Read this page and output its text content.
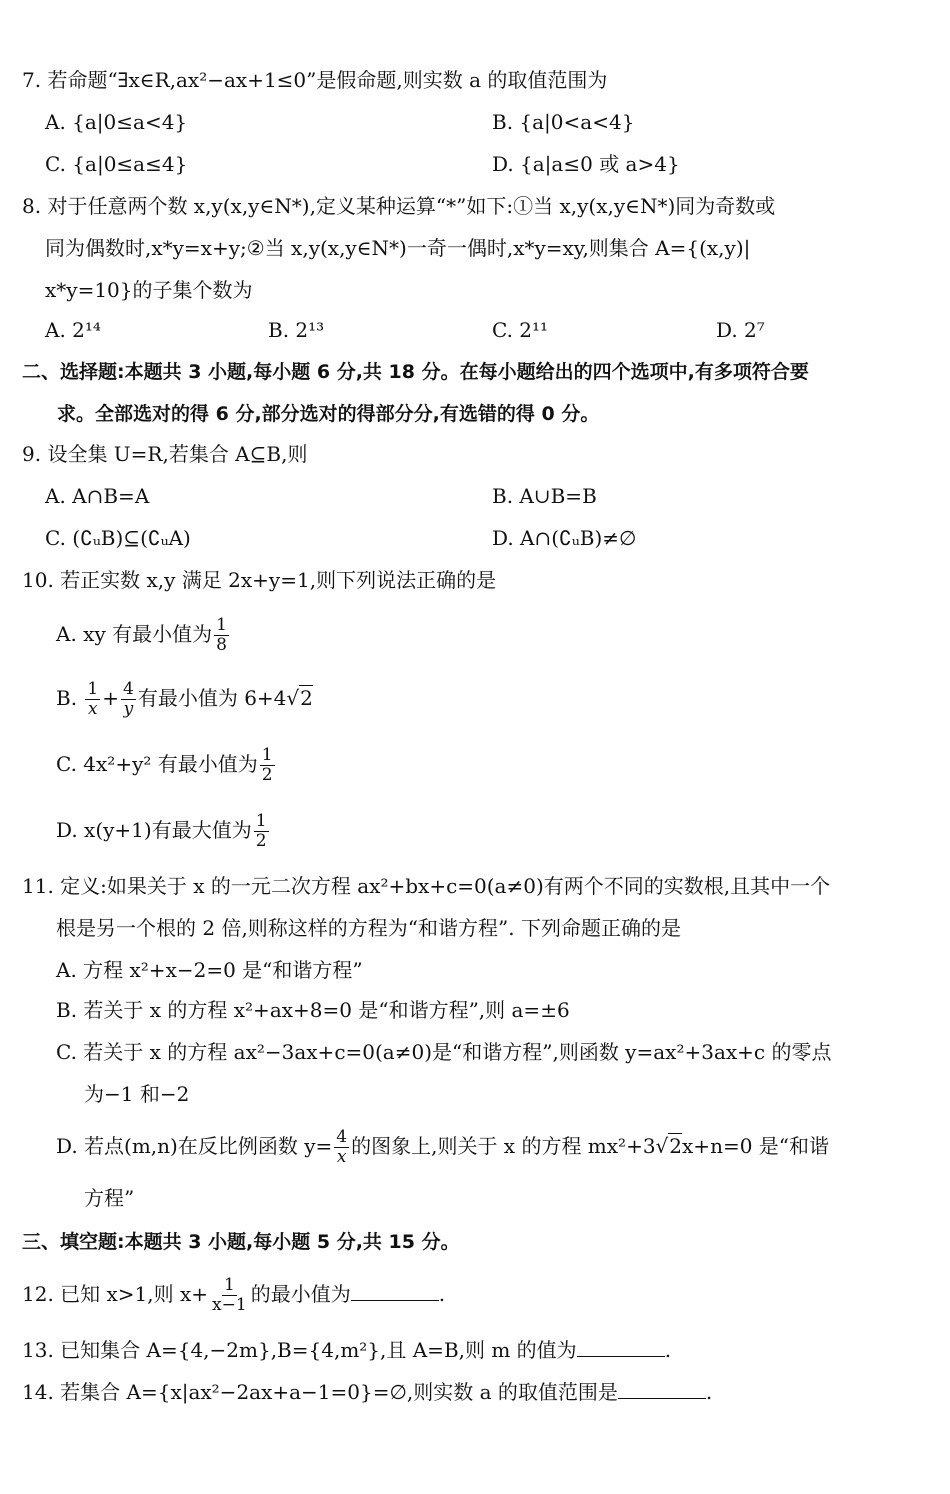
7. 若命题“∃x∈R,ax²−ax+1≤0”是假命题,则实数 a 的取值范围为
A. {a|0≤a<4}	B. {a|0<a<4}
C. {a|0≤a≤4}	D. {a|a≤0 或 a>4}
8. 对于任意两个数 x,y(x,y∈N*),定义某种运算“*”如下:①当 x,y(x,y∈N*)同为奇数或
同为偶数时,x*y=x+y;②当 x,y(x,y∈N*)一奇一偶时,x*y=xy,则集合 A={(x,y)|
x*y=10}的子集个数为
A. 2¹⁴	B. 2¹³	C. 2¹¹	D. 2⁷
二、选择题:本题共 3 小题,每小题 6 分,共 18 分。在每小题给出的四个选项中,有多项符合要
求。全部选对的得 6 分,部分选对的得部分分,有选错的得 0 分。
9. 设全集 U=R,若集合 A⊆B,则
A. A∩B=A	B. A∪B=B
C. (∁ᵤB)⊆(∁ᵤA)	D. A∩(∁ᵤB)≠∅
10. 若正实数 x,y 满足 2x+y=1,则下列说法正确的是
A. xy 有最小值为 $\frac{1}{8}$
B. $\frac{1}{x} + \frac{4}{y}$ 有最小值为 6+4√2
C. 4x²+y² 有最小值为 $\frac{1}{2}$
D. x(y+1)有最大值为 $\frac{1}{2}$
11. 定义:如果关于 x 的一元二次方程 ax²+bx+c=0(a≠0)有两个不同的实数根,且其中一个
根是另一个根的 2 倍,则称这样的方程为“和谐方程”. 下列命题正确的是
A. 方程 x²+x−2=0 是“和谐方程”
B. 若关于 x 的方程 x²+ax+8=0 是“和谐方程”,则 a=±6
C. 若关于 x 的方程 ax²−3ax+c=0(a≠0)是“和谐方程”,则函数 y=ax²+3ax+c 的零点
为−1 和−2
D. 若点(m,n)在反比例函数 $y= \frac{4}{x}$ 的图象上,则关于 x 的方程 mx²+3√2x+n=0 是“和谐
方程”
三、填空题:本题共 3 小题,每小题 5 分,共 15 分。
12. 已知 x>1,则 $x+ \frac{1}{x-1}$ 的最小值为	.
13. 已知集合 A={4,−2m},B={4,m²},且 A=B,则 m 的值为	.
14. 若集合 A={x|ax²−2ax+a−1=0}=∅,则实数 a 的取值范围是	.
